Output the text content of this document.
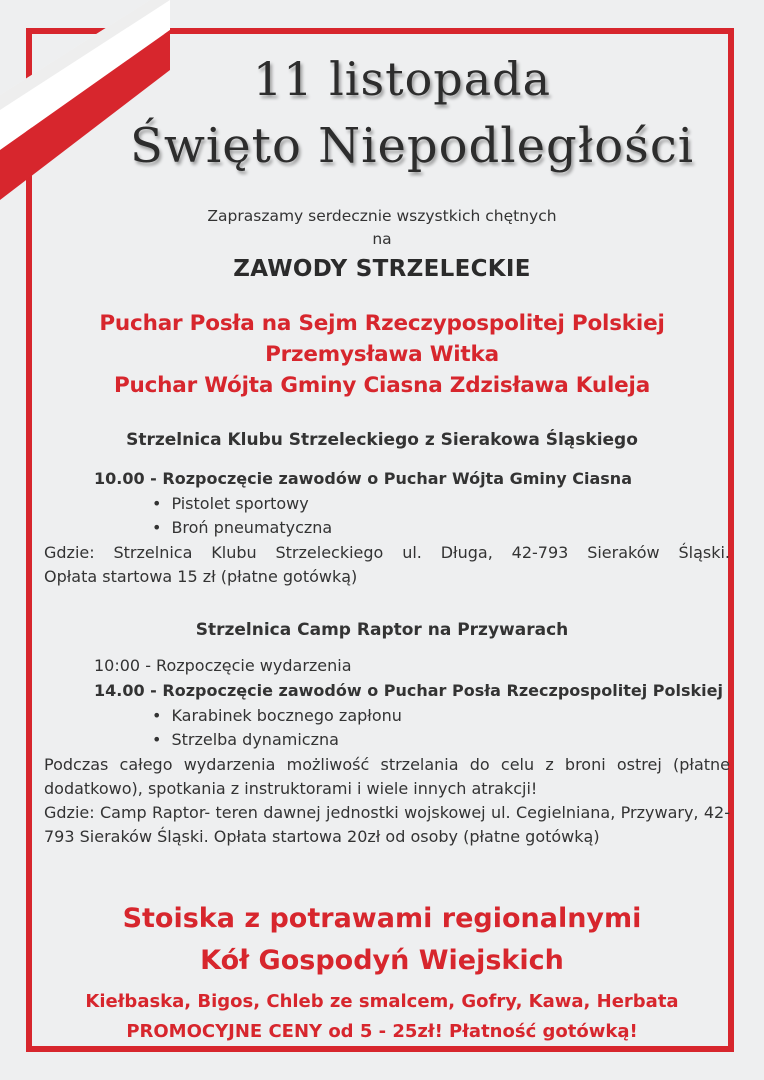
11 listopada
Święto Niepodległości
Zapraszamy serdecznie wszystkich chętnych
na
ZAWODY STRZELECKIE
Puchar Posła na Sejm Rzeczypospolitej Polskiej
Przemysława Witka
Puchar Wójta Gminy Ciasna Zdzisława Kuleja
Strzelnica Klubu Strzeleckiego z Sierakowa Śląskiego
10.00 - Rozpoczęcie zawodów o Puchar Wójta Gminy Ciasna
• Pistolet sportowy
• Broń pneumatyczna
Gdzie: Strzelnica Klubu Strzeleckiego ul. Długa, 42-793 Sieraków Śląski.
Opłata startowa 15 zł (płatne gotówką)
Strzelnica Camp Raptor na Przywarach
10:00 - Rozpoczęcie wydarzenia
14.00 - Rozpoczęcie zawodów o Puchar Posła Rzeczpospolitej Polskiej
• Karabinek bocznego zapłonu
• Strzelba dynamiczna
Podczas całego wydarzenia możliwość strzelania do celu z broni ostrej (płatne dodatkowo), spotkania z instruktorami i wiele innych atrakcji!
Gdzie: Camp Raptor- teren dawnej jednostki wojskowej ul. Cegielniana, Przywary, 42-793 Sieraków Śląski. Opłata startowa 20zł od osoby (płatne gotówką)
Stoiska z potrawami regionalnymi
Kół Gospodyń Wiejskich
Kiełbaska, Bigos, Chleb ze smalcem, Gofry, Kawa, Herbata
PROMOCYJNE CENY od 5 - 25zł! Płatność gotówką!
